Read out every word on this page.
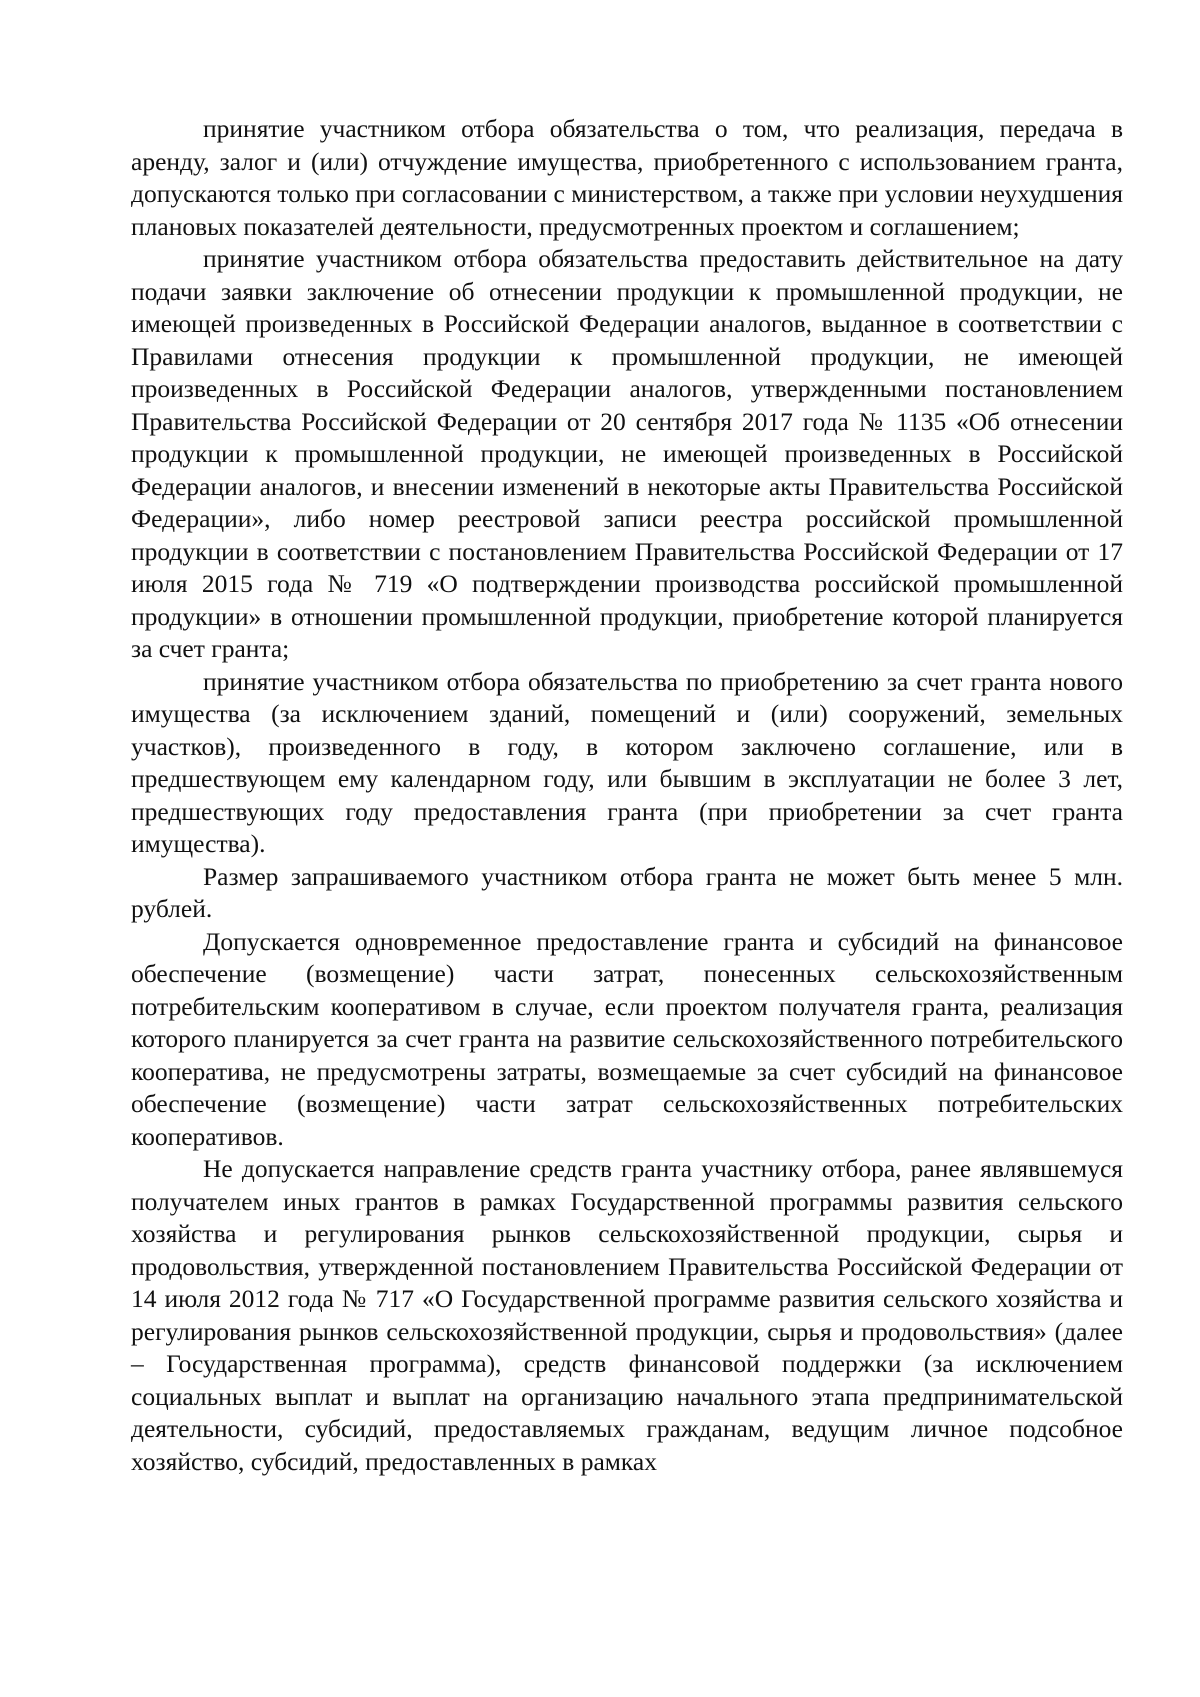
принятие участником отбора обязательства о том, что реализация, передача в аренду, залог и (или) отчуждение имущества, приобретенного с использованием гранта, допускаются только при согласовании с министерством, а также при условии неухудшения плановых показателей деятельности, предусмотренных проектом и соглашением;

принятие участником отбора обязательства предоставить действительное на дату подачи заявки заключение об отнесении продукции к промышленной продукции, не имеющей произведенных в Российской Федерации аналогов, выданное в соответствии с Правилами отнесения продукции к промышленной продукции, не имеющей произведенных в Российской Федерации аналогов, утвержденными постановлением Правительства Российской Федерации от 20 сентября 2017 года № 1135 «Об отнесении продукции к промышленной продукции, не имеющей произведенных в Российской Федерации аналогов, и внесении изменений в некоторые акты Правительства Российской Федерации», либо номер реестровой записи реестра российской промышленной продукции в соответствии с постановлением Правительства Российской Федерации от 17 июля 2015 года № 719 «О подтверждении производства российской промышленной продукции» в отношении промышленной продукции, приобретение которой планируется за счет гранта;

принятие участником отбора обязательства по приобретению за счет гранта нового имущества (за исключением зданий, помещений и (или) сооружений, земельных участков), произведенного в году, в котором заключено соглашение, или в предшествующем ему календарном году, или бывшим в эксплуатации не более 3 лет, предшествующих году предоставления гранта (при приобретении за счет гранта имущества).

Размер запрашиваемого участником отбора гранта не может быть менее 5 млн. рублей.

Допускается одновременное предоставление гранта и субсидий на финансовое обеспечение (возмещение) части затрат, понесенных сельскохозяйственным потребительским кооперативом в случае, если проектом получателя гранта, реализация которого планируется за счет гранта на развитие сельскохозяйственного потребительского кооператива, не предусмотрены затраты, возмещаемые за счет субсидий на финансовое обеспечение (возмещение) части затрат сельскохозяйственных потребительских кооперативов.

Не допускается направление средств гранта участнику отбора, ранее являвшемуся получателем иных грантов в рамках Государственной программы развития сельского хозяйства и регулирования рынков сельскохозяйственной продукции, сырья и продовольствия, утвержденной постановлением Правительства Российской Федерации от 14 июля 2012 года № 717 «О Государственной программе развития сельского хозяйства и регулирования рынков сельскохозяйственной продукции, сырья и продовольствия» (далее – Государственная программа), средств финансовой поддержки (за исключением социальных выплат и выплат на организацию начального этапа предпринимательской деятельности, субсидий, предоставляемых гражданам, ведущим личное подсобное хозяйство, субсидий, предоставленных в рамках
